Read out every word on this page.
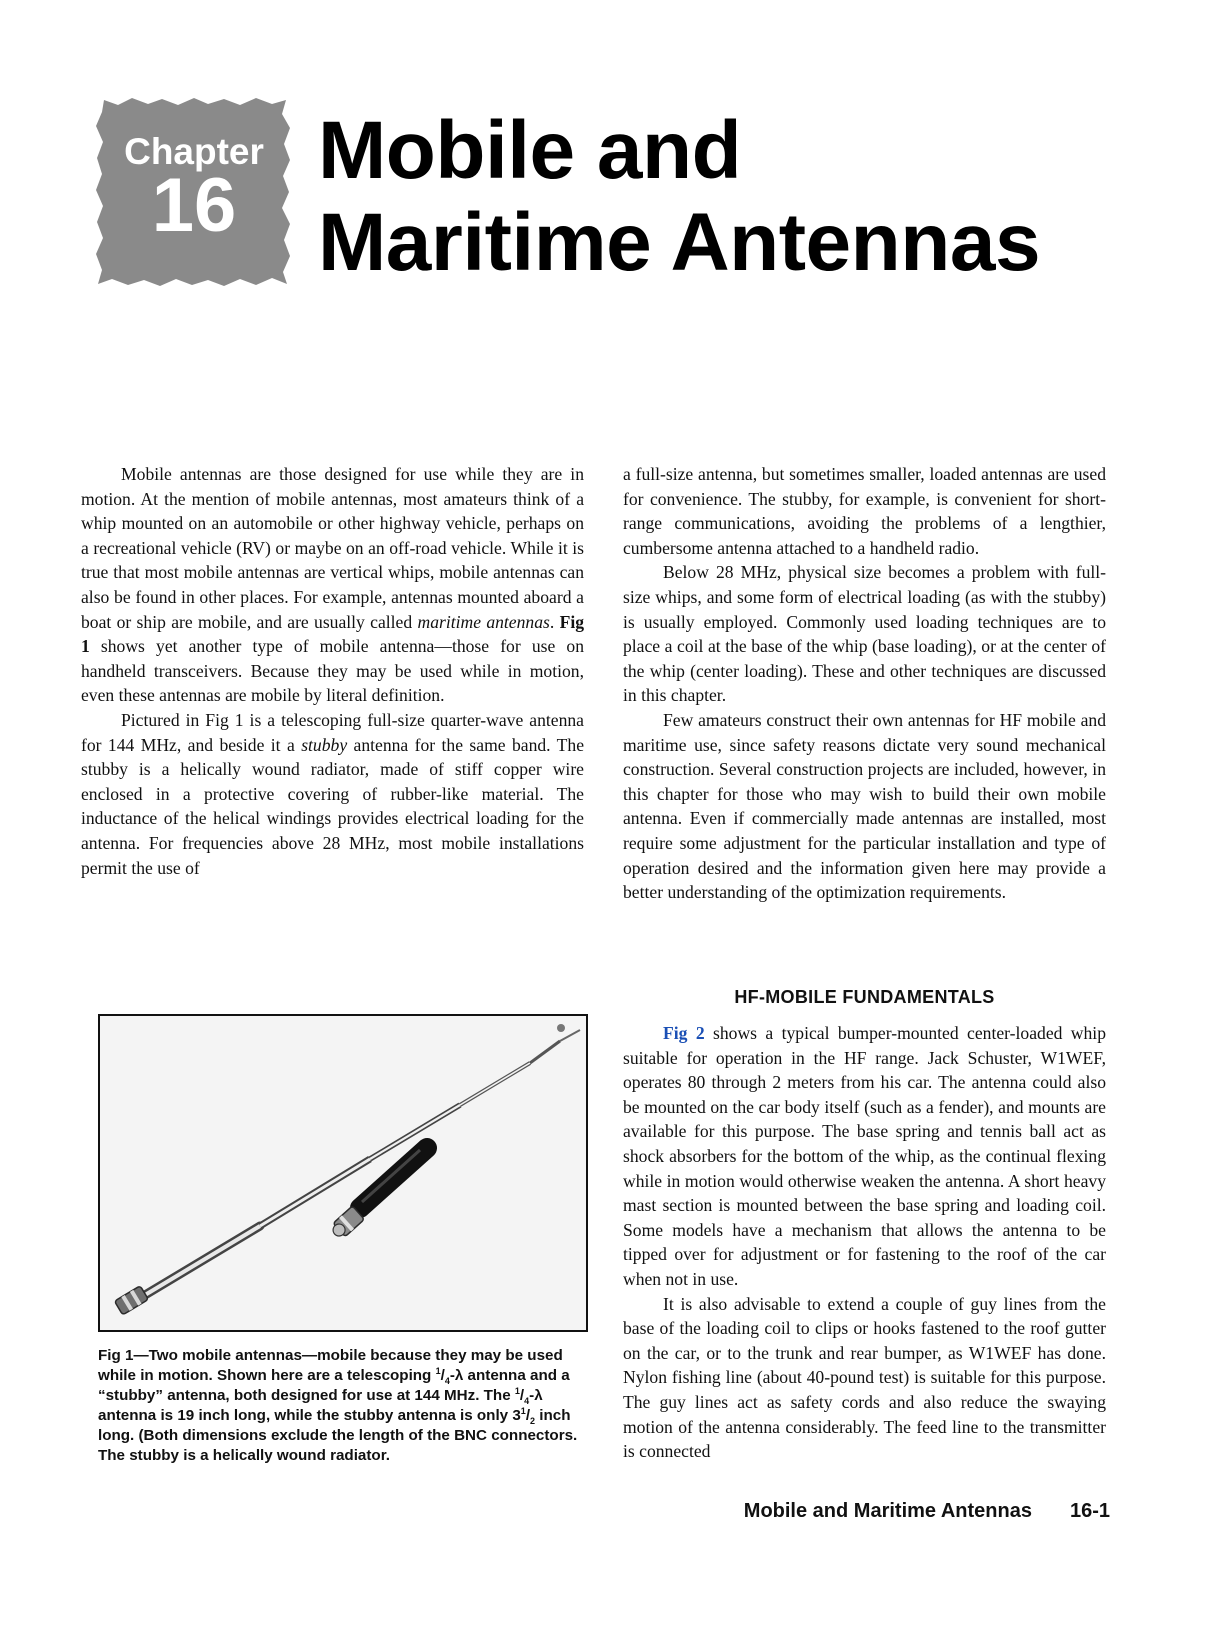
Chapter
16
Mobile and
Maritime Antennas

Mobile antennas are those designed for use while they are in motion. At the mention of mobile antennas, most amateurs think of a whip mounted on an automobile or other highway vehicle, perhaps on a recreational vehicle (RV) or maybe on an off-road vehicle. While it is true that most mobile antennas are vertical whips, mobile antennas can also be found in other places. For example, antennas mounted aboard a boat or ship are mobile, and are usually called maritime antennas. Fig 1 shows yet another type of mobile antenna—those for use on handheld transceivers. Because they may be used while in motion, even these antennas are mobile by literal definition.

Pictured in Fig 1 is a telescoping full-size quarter-wave antenna for 144 MHz, and beside it a stubby antenna for the same band. The stubby is a helically wound radiator, made of stiff copper wire enclosed in a protective covering of rubber-like material. The inductance of the helical windings provides electrical loading for the antenna. For frequencies above 28 MHz, most mobile installations permit the use of

a full-size antenna, but sometimes smaller, loaded antennas are used for convenience. The stubby, for example, is convenient for short-range communications, avoiding the problems of a lengthier, cumbersome antenna attached to a handheld radio.

Below 28 MHz, physical size becomes a problem with full-size whips, and some form of electrical loading (as with the stubby) is usually employed. Commonly used loading techniques are to place a coil at the base of the whip (base loading), or at the center of the whip (center loading). These and other techniques are discussed in this chapter.

Few amateurs construct their own antennas for HF mobile and maritime use, since safety reasons dictate very sound mechanical construction. Several construction projects are included, however, in this chapter for those who may wish to build their own mobile antenna. Even if commercially made antennas are installed, most require some adjustment for the particular installation and type of operation desired and the information given here may provide a better understanding of the optimization requirements.

HF-MOBILE FUNDAMENTALS

Fig 2 shows a typical bumper-mounted center-loaded whip suitable for operation in the HF range. Jack Schuster, W1WEF, operates 80 through 2 meters from his car. The antenna could also be mounted on the car body itself (such as a fender), and mounts are available for this purpose. The base spring and tennis ball act as shock absorbers for the bottom of the whip, as the continual flexing while in motion would otherwise weaken the antenna. A short heavy mast section is mounted between the base spring and loading coil. Some models have a mechanism that allows the antenna to be tipped over for adjustment or for fastening to the roof of the car when not in use.

It is also advisable to extend a couple of guy lines from the base of the loading coil to clips or hooks fastened to the roof gutter on the car, or to the trunk and rear bumper, as W1WEF has done. Nylon fishing line (about 40-pound test) is suitable for this purpose. The guy lines act as safety cords and also reduce the swaying motion of the antenna considerably. The feed line to the transmitter is connected

Fig 1—Two mobile antennas—mobile because they may be used while in motion. Shown here are a telescoping $^1/_4-\lambda$ antenna and a “stubby” antenna, both designed for use at 144 MHz. The $^1/_4-\lambda$ antenna is 19 inch long, while the stubby antenna is only $3^1/_2$ inch long. (Both dimensions exclude the length of the BNC connectors. The stubby is a helically wound radiator.
Mobile and Maritime Antennas 16-1
